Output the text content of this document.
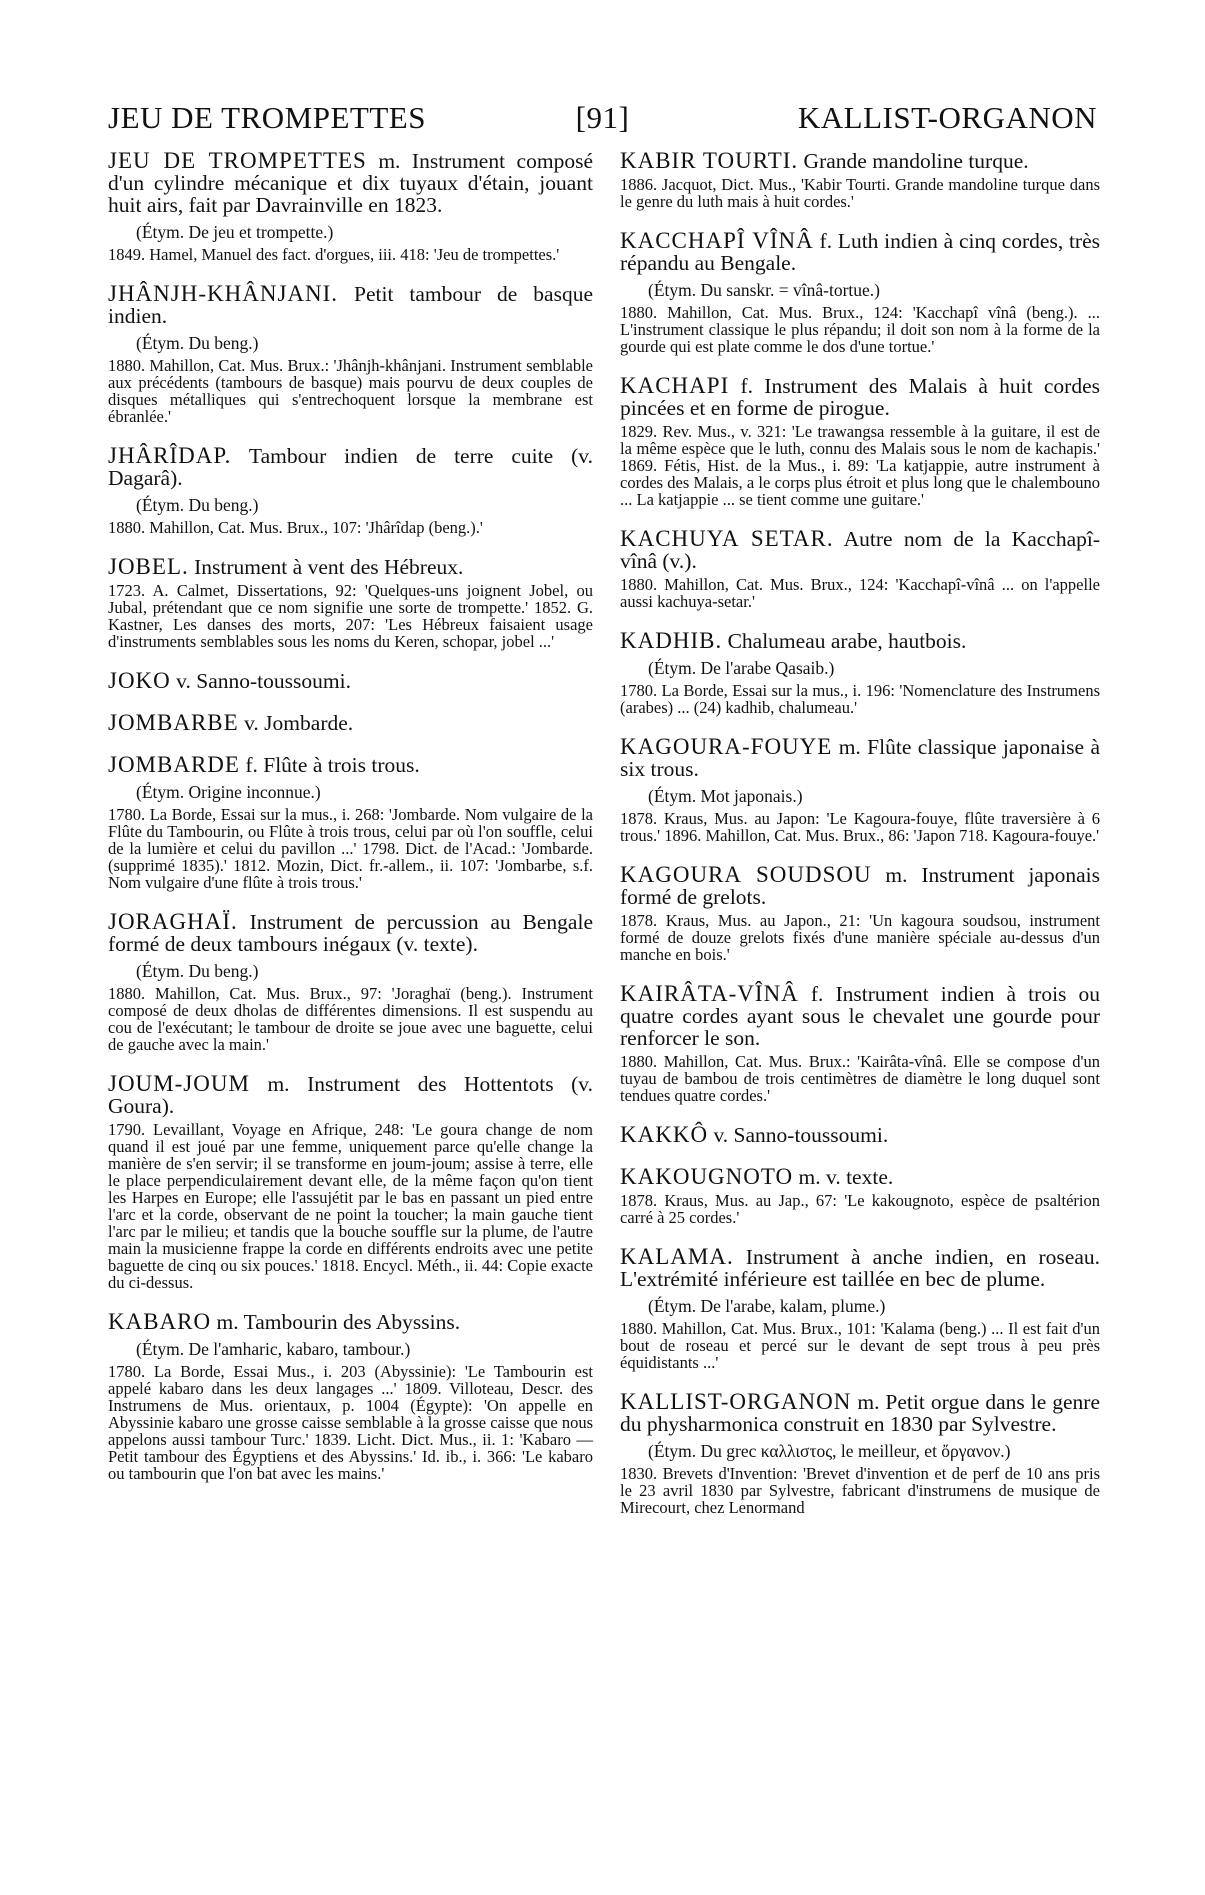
JEU DE TROMPETTES	[91]	KALLIST-ORGANON
JEU DE TROMPETTES m. Instrument composé d'un cylindre mécanique et dix tuyaux d'étain, jouant huit airs, fait par Davrainville en 1823.
(Étym. De jeu et trompette.)
1849. Hamel, Manuel des fact. d'orgues, iii. 418: 'Jeu de trompettes.'
JHÂNJH-KHÂNJANI. Petit tambour de basque indien.
(Étym. Du beng.)
1880. Mahillon, Cat. Mus. Brux.: 'Jhânjh-khânjani. Instrument semblable aux précédents (tambours de basque) mais pourvu de deux couples de disques métalliques qui s'entrechoquent lorsque la membrane est ébranlée.'
JHÂRÎDAP. Tambour indien de terre cuite (v. Dagarâ).
(Étym. Du beng.)
1880. Mahillon, Cat. Mus. Brux., 107: 'Jhârîdap (beng.).'
JOBEL. Instrument à vent des Hébreux.
1723. A. Calmet, Dissertations, 92: 'Quelques-uns joignent Jobel, ou Jubal, prétendant que ce nom signifie une sorte de trompette.' 1852. G. Kastner, Les danses des morts, 207: 'Les Hébreux faisaient usage d'instruments semblables sous les noms du Keren, schopar, jobel ...'
JOKO v. Sanno-toussoumi.
JOMBARBE v. Jombarde.
JOMBARDE f. Flûte à trois trous.
(Étym. Origine inconnue.)
1780. La Borde, Essai sur la mus., i. 268: 'Jombarde. Nom vulgaire de la Flûte du Tambourin, ou Flûte à trois trous, celui par où l'on souffle, celui de la lumière et celui du pavillon ...' 1798. Dict. de l'Acad.: 'Jombarde. (supprimé 1835).' 1812. Mozin, Dict. fr.-allem., ii. 107: 'Jombarbe, s.f. Nom vulgaire d'une flûte à trois trous.'
JORAGHAÏ. Instrument de percussion au Bengale formé de deux tambours inégaux (v. texte).
(Étym. Du beng.)
1880. Mahillon, Cat. Mus. Brux., 97: 'Joraghaï (beng.). Instrument composé de deux dholas de différentes dimensions. Il est suspendu au cou de l'exécutant; le tambour de droite se joue avec une baguette, celui de gauche avec la main.'
JOUM-JOUM m. Instrument des Hottentots (v. Goura).
1790. Levaillant, Voyage en Afrique, 248: 'Le goura change de nom quand il est joué par une femme, uniquement parce qu'elle change la manière de s'en servir; il se transforme en joum-joum; assise à terre, elle le place perpendiculairement devant elle, de la même façon qu'on tient les Harpes en Europe; elle l'assujétit par le bas en passant un pied entre l'arc et la corde, observant de ne point la toucher; la main gauche tient l'arc par le milieu; et tandis que la bouche souffle sur la plume, de l'autre main la musicienne frappe la corde en différents endroits avec une petite baguette de cinq ou six pouces.' 1818. Encycl. Méth., ii. 44: Copie exacte du ci-dessus.
KABARO m. Tambourin des Abyssins.
(Étym. De l'amharic, kabaro, tambour.)
1780. La Borde, Essai Mus., i. 203 (Abyssinie): 'Le Tambourin est appelé kabaro dans les deux langages ...' 1809. Villoteau, Descr. des Instrumens de Mus. orientaux, p. 1004 (Égypte): 'On appelle en Abyssinie kabaro une grosse caisse semblable à la grosse caisse que nous appelons aussi tambour Turc.' 1839. Licht. Dict. Mus., ii. 1: 'Kabaro — Petit tambour des Égyptiens et des Abyssins.' Id. ib., i. 366: 'Le kabaro ou tambourin que l'on bat avec les mains.'
KABIR TOURTI. Grande mandoline turque.
1886. Jacquot, Dict. Mus., 'Kabir Tourti. Grande mandoline turque dans le genre du luth mais à huit cordes.'
KACCHAPÎ VÎNÂ f. Luth indien à cinq cordes, très répandu au Bengale.
(Étym. Du sanskr. = vînâ-tortue.)
1880. Mahillon, Cat. Mus. Brux., 124: 'Kacchapî vînâ (beng.). ... L'instrument classique le plus répandu; il doit son nom à la forme de la gourde qui est plate comme le dos d'une tortue.'
KACHAPI f. Instrument des Malais à huit cordes pincées et en forme de pirogue.
1829. Rev. Mus., v. 321: 'Le trawangsa ressemble à la guitare, il est de la même espèce que le luth, connu des Malais sous le nom de kachapis.' 1869. Fétis, Hist. de la Mus., i. 89: 'La katjappie, autre instrument à cordes des Malais, a le corps plus étroit et plus long que le chalembouno ... La katjappie ... se tient comme une guitare.'
KACHUYA SETAR. Autre nom de la Kacchapî-vînâ (v.).
1880. Mahillon, Cat. Mus. Brux., 124: 'Kacchapî-vînâ ... on l'appelle aussi kachuya-setar.'
KADHIB. Chalumeau arabe, hautbois.
(Étym. De l'arabe Qasaib.)
1780. La Borde, Essai sur la mus., i. 196: 'Nomenclature des Instrumens (arabes) ... (24) kadhib, chalumeau.'
KAGOURA-FOUYE m. Flûte classique japonaise à six trous.
(Étym. Mot japonais.)
1878. Kraus, Mus. au Japon: 'Le Kagoura-fouye, flûte traversière à 6 trous.' 1896. Mahillon, Cat. Mus. Brux., 86: 'Japon 718. Kagoura-fouye.'
KAGOURA SOUDSOU m. Instrument japonais formé de grelots.
1878. Kraus, Mus. au Japon., 21: 'Un kagoura soudsou, instrument formé de douze grelots fixés d'une manière spéciale au-dessus d'un manche en bois.'
KAIRÂTA-VÎNÂ f. Instrument indien à trois ou quatre cordes ayant sous le chevalet une gourde pour renforcer le son.
1880. Mahillon, Cat. Mus. Brux.: 'Kairâta-vînâ. Elle se compose d'un tuyau de bambou de trois centimètres de diamètre le long duquel sont tendues quatre cordes.'
KAKKÔ v. Sanno-toussoumi.
KAKOUGNOTO m. v. texte.
1878. Kraus, Mus. au Jap., 67: 'Le kakougnoto, espèce de psaltérion carré à 25 cordes.'
KALAMA. Instrument à anche indien, en roseau. L'extrémité inférieure est taillée en bec de plume.
(Étym. De l'arabe, kalam, plume.)
1880. Mahillon, Cat. Mus. Brux., 101: 'Kalama (beng.) ... Il est fait d'un bout de roseau et percé sur le devant de sept trous à peu près équidistants ...'
KALLIST-ORGANON m. Petit orgue dans le genre du physharmonica construit en 1830 par Sylvestre.
(Étym. Du grec καλλιστος, le meilleur, et ὄργανον.)
1830. Brevets d'Invention: 'Brevet d'invention et de perf de 10 ans pris le 23 avril 1830 par Sylvestre, fabricant d'instrumens de musique de Mirecourt, chez Lenormand
